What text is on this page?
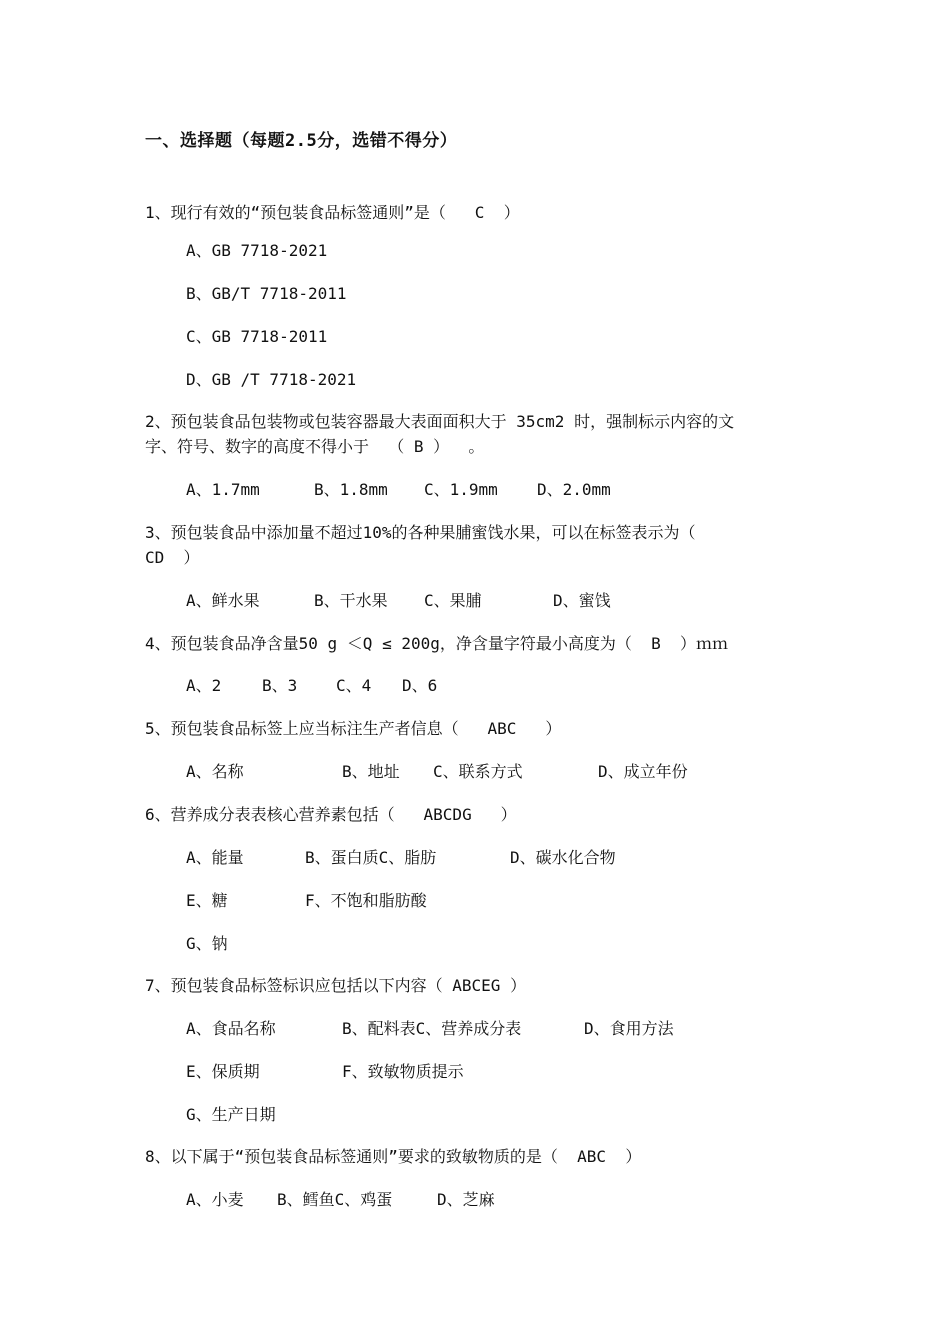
一、选择题（每题2.5分，选错不得分）
1、现行有效的“预包装食品标签通则”是（   C  ）
A、GB 7718-2021
B、GB/T 7718-2011
C、GB 7718-2011
D、GB /T 7718-2021
2、预包装食品包装物或包装容器最大表面面积大于 35cm2 时，强制标示内容的文
字、符号、数字的高度不得小于  （ B ）  。

A、1.7mm

	B、1.8mm

C、1.9mm

D、2.0mm

3、预包装食品中添加量不超过10%的各种果脯蜜饯水果，可以在标签表示为（
CD  ）

A、鲜水果

	B、干水果

C、果脯

	D、蜜饯

4、预包装食品净含量50 g ＜Q ≤ 200g，净含量字符最小高度为（  B  ）ｍｍ

A、2

	B、3

C、4

D、6

5、预包装食品标签上应当标注生产者信息（   ABC   ）

A、名称

	B、地址

C、联系方式

	D、成立年份

6、营养成分表表核心营养素包括（   ABCDG   ）

A、能量

	B、蛋白质C、脂肪

	D、碳水化合物

E、糖

	F、不饱和脂肪酸

G、钠
7、预包装食品标签标识应包括以下内容（ ABCEG ）

A、食品名称

	B、配料表C、营养成分表

	D、食用方法

E、保质期

	F、致敏物质提示

G、生产日期
8、以下属于“预包装食品标签通则”要求的致敏物质的是（  ABC  ）

A、小麦

B、鳕鱼C、鸡蛋

	D、芝麻
